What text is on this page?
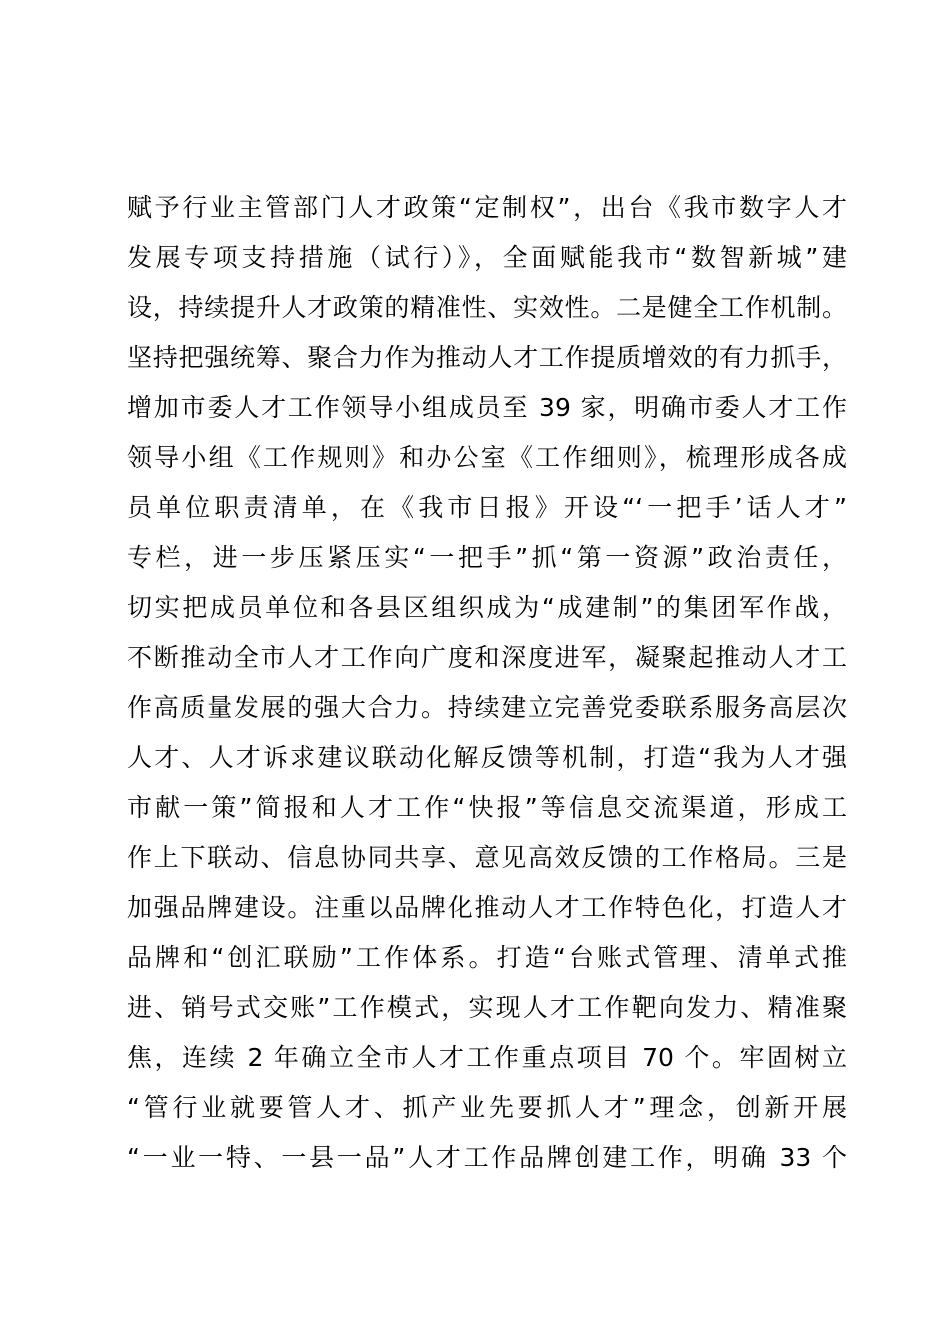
赋予行业主管部门人才政策“定制权”，出台《我市数字人才
发展专项支持措施（试行）》，全面赋能我市“数智新城”建
设，持续提升人才政策的精准性、实效性。二是健全工作机制。
坚持把强统筹、聚合力作为推动人才工作提质增效的有力抓手，
增加市委人才工作领导小组成员至 39 家，明确市委人才工作
领导小组《工作规则》和办公室《工作细则》，梳理形成各成
员单位职责清单，在《我市日报》开设“‘一把手’话人才”
专栏，进一步压紧压实“一把手”抓“第一资源”政治责任，
切实把成员单位和各县区组织成为“成建制”的集团军作战，
不断推动全市人才工作向广度和深度进军，凝聚起推动人才工
作高质量发展的强大合力。持续建立完善党委联系服务高层次
人才、人才诉求建议联动化解反馈等机制，打造“我为人才强
市献一策”简报和人才工作“快报”等信息交流渠道，形成工
作上下联动、信息协同共享、意见高效反馈的工作格局。三是
加强品牌建设。注重以品牌化推动人才工作特色化，打造人才
品牌和“创汇联励”工作体系。打造“台账式管理、清单式推
进、销号式交账”工作模式，实现人才工作靶向发力、精准聚
焦，连续 2 年确立全市人才工作重点项目 70 个。牢固树立
“管行业就要管人才、抓产业先要抓人才”理念，创新开展
“一业一特、一县一品”人才工作品牌创建工作，明确 33 个
